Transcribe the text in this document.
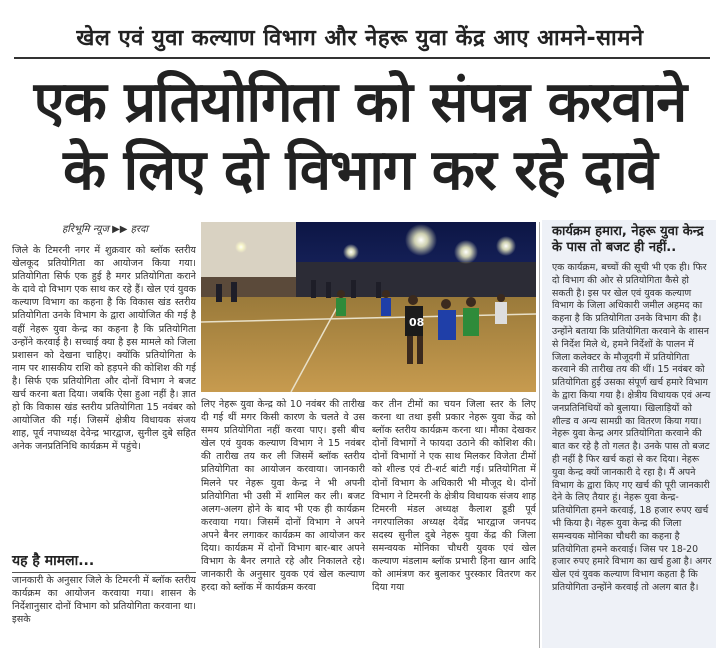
खेल एवं युवा कल्याण विभाग और नेहरू युवा केंद्र आए आमने-सामने
एक प्रतियोगिता को संपन्न करवाने
के लिए दो विभाग कर रहे दावे
हरिभूमि न्यूज ▶▶ हरदा
जिले के टिमरनी नगर में शुक्रवार को ब्लॉक स्तरीय खेलकूद प्रतियोगिता का आयोजन किया गया। प्रतियोगिता सिर्फ एक हुई है मगर प्रतियोगिता कराने के दावे दो विभाग एक साथ कर रहे हैं। खेल एवं युवक कल्याण विभाग का कहना है कि विकास खंड स्तरीय प्रतियोगिता उनके विभाग के द्वारा आयोजित की गई है वहीं नेहरू युवा केन्द्र का कहना है कि प्रतियोगिता उन्होंने करवाई है। सच्चाई क्या है इस मामले को जिला प्रशासन को देखना चाहिए। क्योंकि प्रतियोगिता के नाम पर शासकीय राशि को हड़पने की कोशिश की गई है। सिर्फ एक प्रतियोगिता और दोनों विभाग ने बजट खर्च करना बता दिया। जबकि ऐसा हुआ नहीं है। ज्ञात हो कि विकास खंड स्तरीय प्रतियोगिता 15 नवंबर को आयोजित की गई। जिसमें क्षेत्रीय विधायक संजय शाह, पूर्व नपाध्यक्ष देवेन्द्र भारद्वाज, सुनील दुबे सहित अनेक जनप्रतिनिधि कार्यक्रम में पहुंचे।
यह है मामला...
जानकारी के अनुसार जिले के टिमरनी में ब्लॉक स्तरीय कार्यक्रम का आयोजन करवाया गया। शासन के निर्देशानुसार दोनों विभाग को प्रतियोगिता करवाना था। इसके
08
लिए नेहरू युवा केन्द्र को 10 नवंबर की तारीख दी गई थीं मगर किसी कारण के चलते वे उस समय प्रतियोगिता नहीं करवा पाए। इसी बीच खेल एवं युवक कल्याण विभाग ने 15 नवंबर की तारीख तय कर ली जिसमें ब्लॉक स्तरीय प्रतियोगिता का आयोजन करवाया। जानकारी मिलने पर नेहरू युवा केन्द्र ने भी अपनी प्रतियोगिता भी उसी में शामिल कर ली। बजट अलग-अलग होने के बाद भी एक ही कार्यक्रम करवाया गया। जिसमें दोनों विभाग ने अपने अपने बैनर लगाकर कार्यक्रम का आयोजन कर दिया। कार्यक्रम में दोनों विभाग बार-बार अपने विभाग के बैनर लगाते रहे और निकालते रहे। जानकारी के अनुसार युवक एवं खेल कल्याण हरदा को ब्लॉक में कार्यक्रम करवा
कर तीन टीमों का चयन जिला स्तर के लिए करना था तथा इसी प्रकार नेहरू युवा केंद्र को ब्लॉक स्तरीय कार्यक्रम करना था। मौका देखकर दोनों विभागों ने फायदा उठाने की कोशिश की। दोनों विभागों ने एक साथ मिलकर विजेता टीमों को शील्ड एवं टी-शर्ट बांटी गई। प्रतियोगिता में दोनों विभाग के अधिकारी भी मौजूद थे। दोनों विभाग ने टिमरनी के क्षेत्रीय विधायक संजय शाह टिमरनी मंडल अध्यक्ष कैलाश डूडी पूर्व नगरपालिका अध्यक्ष देवेंद्र भारद्वाज जनपद सदस्य सुनील दुबे नेहरू युवा केंद्र की जिला समन्वयक मोनिका चौधरी युवक एवं खेल कल्याण मंडलाम ब्लॉक प्रभारी हिना खान आदि को आमंत्रण कर बुलाकर पुरस्कार वितरण कर दिया गया
कार्यक्रम हमारा, नेहरू युवा केन्द्र के पास तो बजट ही नहीं..
एक कार्यक्रम, बच्चों की सूची भी एक ही। फिर दो विभाग की ओर से प्रतियोगिता कैसे हो सकती है। इस पर खेल एवं युवक कल्याण विभाग के जिला अधिकारी जमील अहमद का कहना है कि प्रतियोगिता उनके विभाग की है। उन्होंने बताया कि प्रतियोगिता करवाने के शासन से निर्देश मिले थे, हमने निर्देशों के पालन में जिला कलेक्टर के मौजूदगी में प्रतियोगिता करवाने की तारीख तय की थीं। 15 नवंबर को प्रतियोगिता हुई उसका संपूर्ण खर्च हमारे विभाग के द्वारा किया गया है। क्षेत्रीय विधायक एवं अन्य जनप्रतिनिधियों को बुलाया। खिलाड़ियों को शील्ड व अन्य सामग्री का वितरण किया गया। नेहरू युवा केन्द्र अगर प्रतियोगिता करवाने की बात कर रहे है तो गलत है। उनके पास तो बजट ही नहीं है फिर खर्च कहां से कर दिया। नेहरू युवा केन्द्र क्यों जानकारी दे रहा है। मैं अपने विभाग के द्वारा किए गए खर्च की पूरी जानकारी देने के लिए तैयार हूं। नेहरू युवा केन्द्र- प्रतियोगिता हमने करवाई, 18 हजार रुपए खर्च भी किया है। नेहरू युवा केन्द्र की जिला समन्वयक मोनिका चौधरी का कहना है प्रतियोगिता हमने करवाई। जिस पर 18-20 हजार रुपए हमारे विभाग का खर्च हुआ है। अगर खेल एवं युवक कल्याण विभाग कहता है कि प्रतियोगिता उन्होंने करवाई तो अलग बात है।
